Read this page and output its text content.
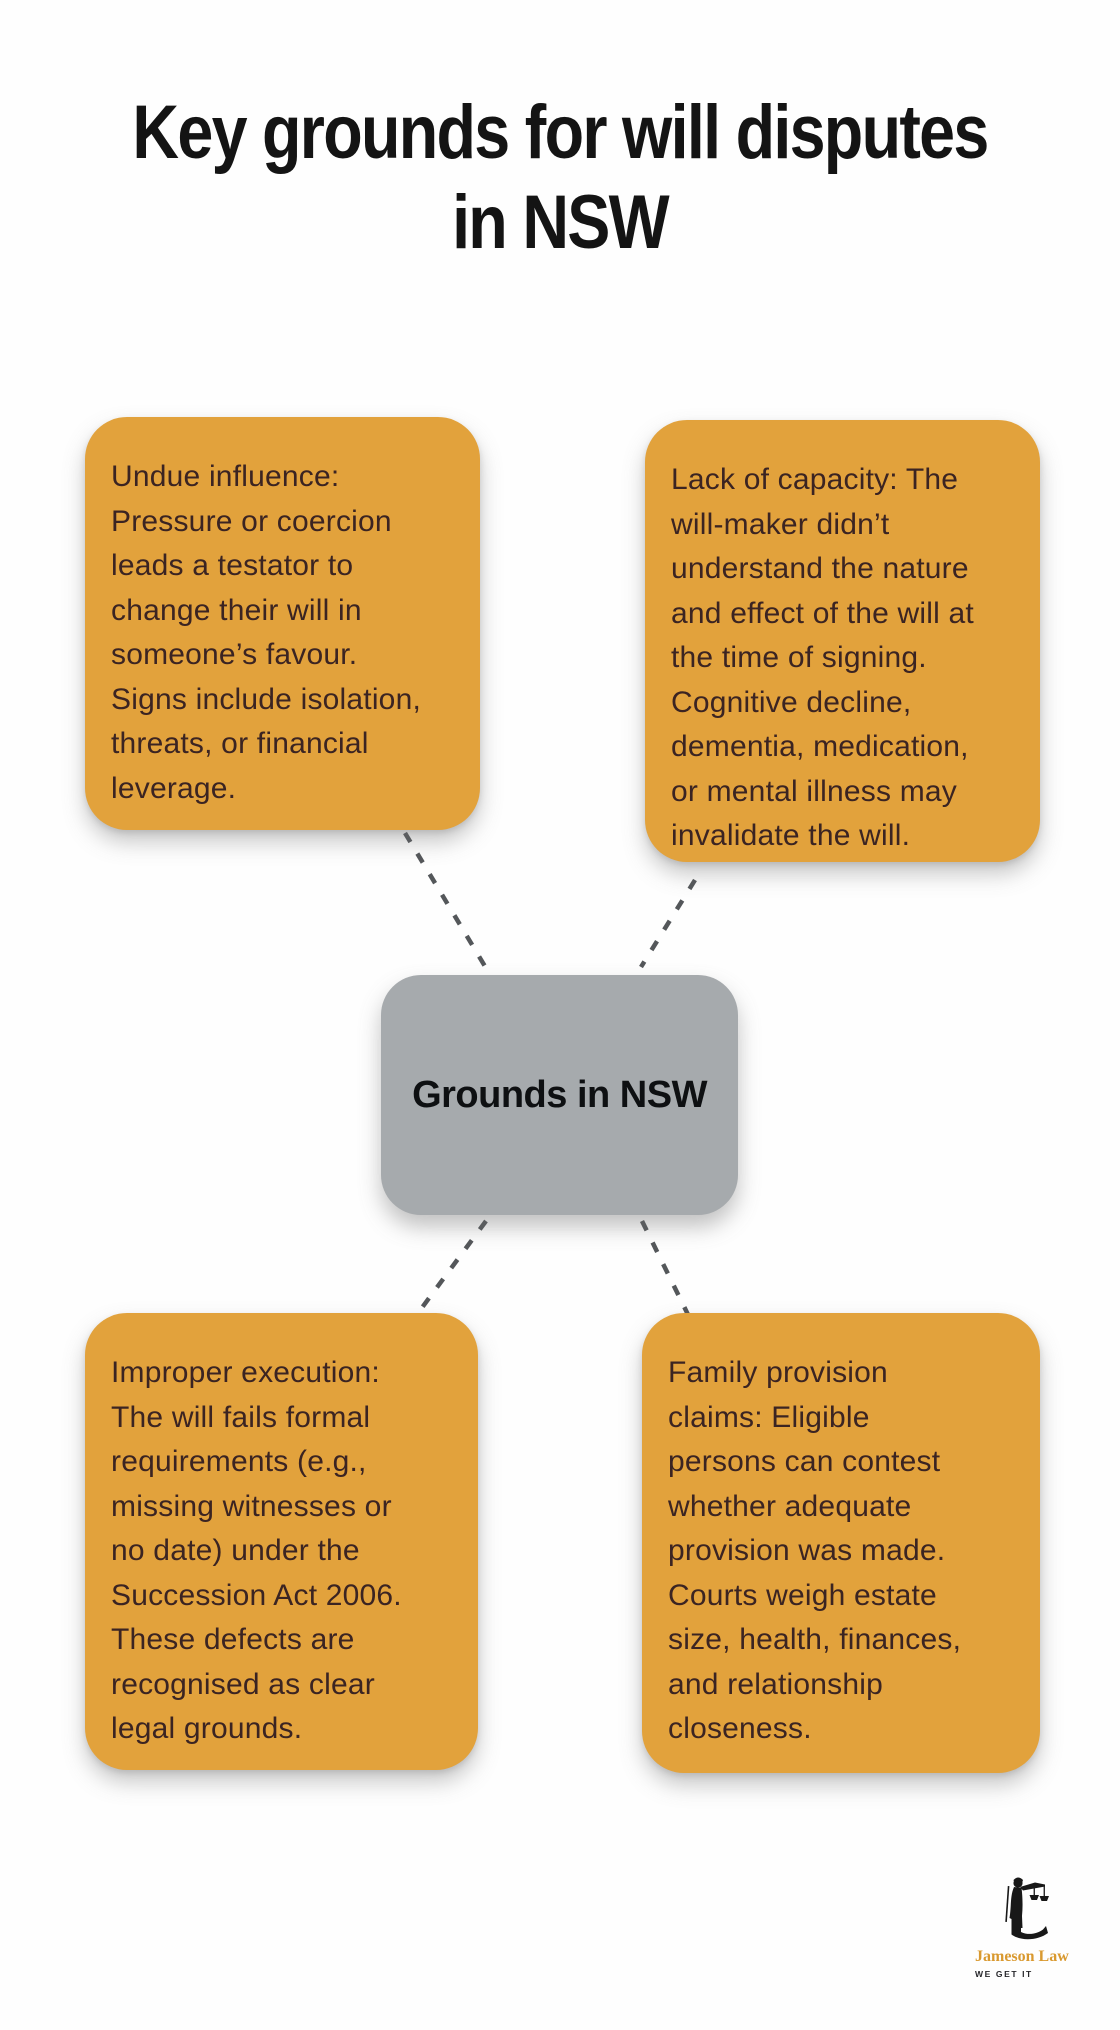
Key grounds for will disputes
in NSW
Undue influence:
Pressure or coercion
leads a testator to
change their will in
someone’s favour.
Signs include isolation,
threats, or financial
leverage.
Lack of capacity: The
will-maker didn’t
understand the nature
and effect of the will at
the time of signing.
Cognitive decline,
dementia, medication,
or mental illness may
invalidate the will.
Grounds in NSW
Improper execution:
The will fails formal
requirements (e.g.,
missing witnesses or
no date) under the
Succession Act 2006.
These defects are
recognised as clear
legal grounds.
Family provision
claims: Eligible
persons can contest
whether adequate
provision was made.
Courts weigh estate
size, health, finances,
and relationship
closeness.
Jameson Law
WE GET IT
